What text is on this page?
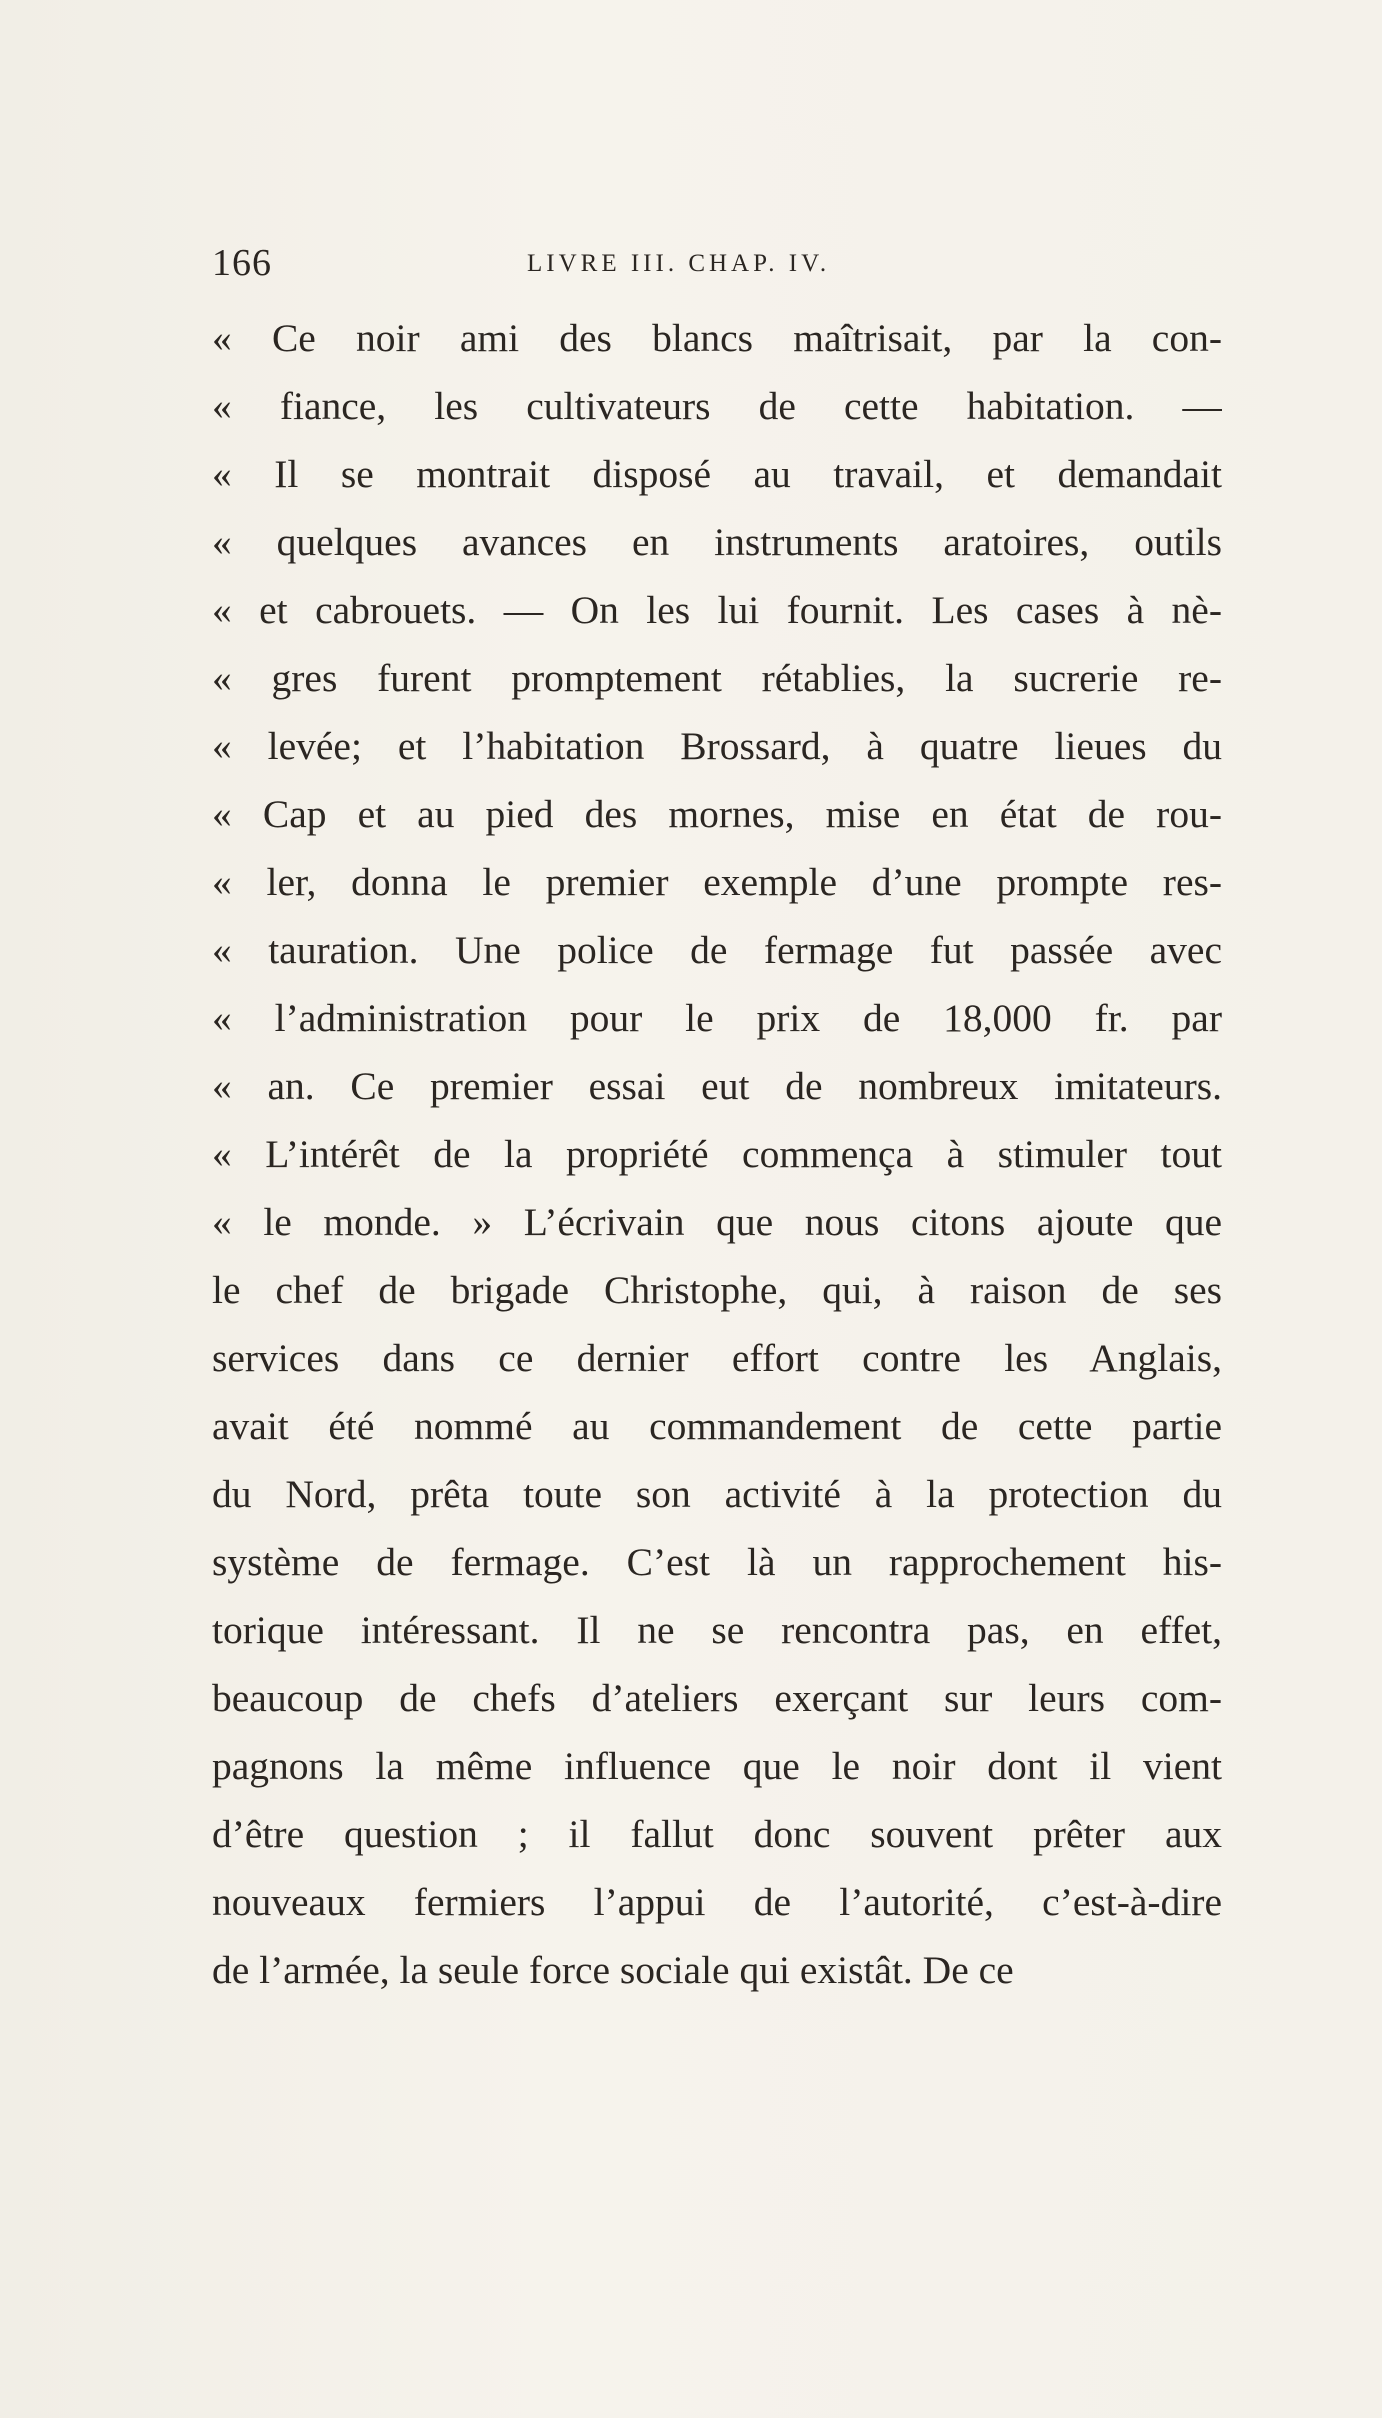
166	LIVRE III. CHAP. IV.
« Ce noir ami des blancs maîtrisait, par la con-
« fiance, les cultivateurs de cette habitation. —
« Il se montrait disposé au travail, et demandait
« quelques avances en instruments aratoires, outils
« et cabrouets. — On les lui fournit. Les cases à nè-
« gres furent promptement rétablies, la sucrerie re-
« levée; et l’habitation Brossard, à quatre lieues du
« Cap et au pied des mornes, mise en état de rou-
« ler, donna le premier exemple d’une prompte res-
« tauration. Une police de fermage fut passée avec
« l’administration pour le prix de 18,000 fr. par
« an. Ce premier essai eut de nombreux imitateurs.
« L’intérêt de la propriété commença à stimuler tout
« le monde. » L’écrivain que nous citons ajoute que
le chef de brigade Christophe, qui, à raison de ses
services dans ce dernier effort contre les Anglais,
avait été nommé au commandement de cette partie
du Nord, prêta toute son activité à la protection du
système de fermage. C’est là un rapprochement his-
torique intéressant. Il ne se rencontra pas, en effet,
beaucoup de chefs d’ateliers exerçant sur leurs com-
pagnons la même influence que le noir dont il vient
d’être question ; il fallut donc souvent prêter aux
nouveaux fermiers l’appui de l’autorité, c’est-à-dire
de l’armée, la seule force sociale qui existât. De ce
